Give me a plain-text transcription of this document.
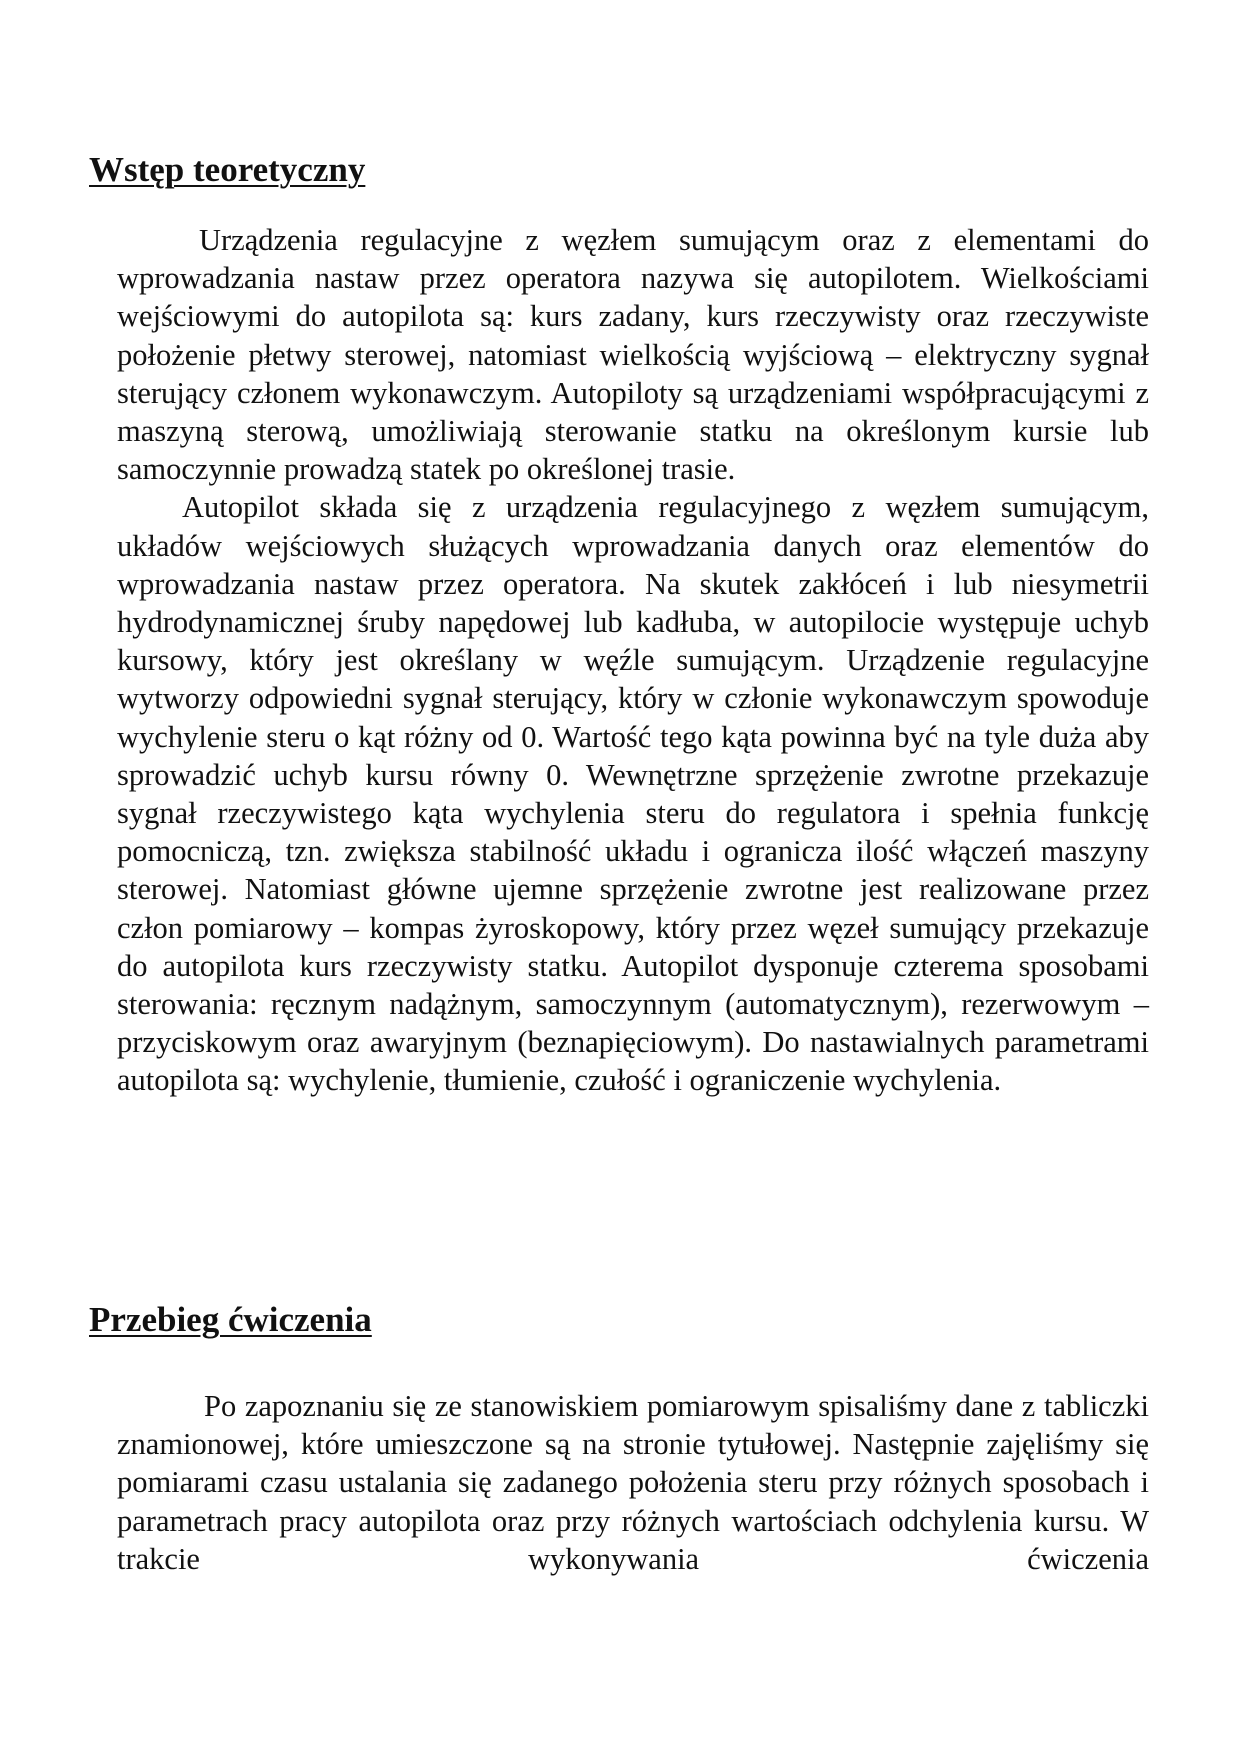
Wstęp teoretyczny

Urządzenia regulacyjne z węzłem sumującym oraz z elementami do wprowadzania nastaw przez operatora nazywa się autopilotem. Wielkościami wejściowymi do autopilota są: kurs zadany, kurs rzeczywisty oraz rzeczywiste położenie płetwy sterowej, natomiast wielkością wyjściową – elektryczny sygnał sterujący członem wykonawczym. Autopiloty są urządzeniami współpracującymi z maszyną sterową, umożliwiają sterowanie statku na określonym kursie lub samoczynnie prowadzą statek po określonej trasie.

Autopilot składa się z urządzenia regulacyjnego z węzłem sumującym, układów wejściowych służących wprowadzania danych oraz elementów do wprowadzania nastaw przez operatora. Na skutek zakłóceń i lub niesymetrii hydrodynamicznej śruby napędowej lub kadłuba, w autopilocie występuje uchyb kursowy, który jest określany w węźle sumującym. Urządzenie regulacyjne wytworzy odpowiedni sygnał sterujący, który w członie wykonawczym spowoduje wychylenie steru o kąt różny od 0. Wartość tego kąta powinna być na tyle duża aby sprowadzić uchyb kursu równy 0. Wewnętrzne sprzężenie zwrotne przekazuje sygnał rzeczywistego kąta wychylenia steru do regulatora i spełnia funkcję pomocniczą, tzn. zwiększa stabilność układu i ogranicza ilość włączeń maszyny sterowej. Natomiast główne ujemne sprzężenie zwrotne jest realizowane przez człon pomiarowy – kompas żyroskopowy, który przez węzeł sumujący przekazuje do autopilota kurs rzeczywisty statku. Autopilot dysponuje czterema sposobami sterowania: ręcznym nadążnym, samoczynnym (automatycznym), rezerwowym – przyciskowym oraz awaryjnym (beznapięciowym). Do nastawialnych parametrami autopilota są: wychylenie, tłumienie, czułość i ograniczenie wychylenia.

Przebieg ćwiczenia

Po zapoznaniu się ze stanowiskiem pomiarowym spisaliśmy dane z tabliczki znamionowej, które umieszczone są na stronie tytułowej. Następnie zajęliśmy się pomiarami czasu ustalania się zadanego położenia steru przy różnych sposobach i parametrach pracy autopilota oraz przy różnych wartościach odchylenia kursu. W trakcie wykonywania ćwiczenia
